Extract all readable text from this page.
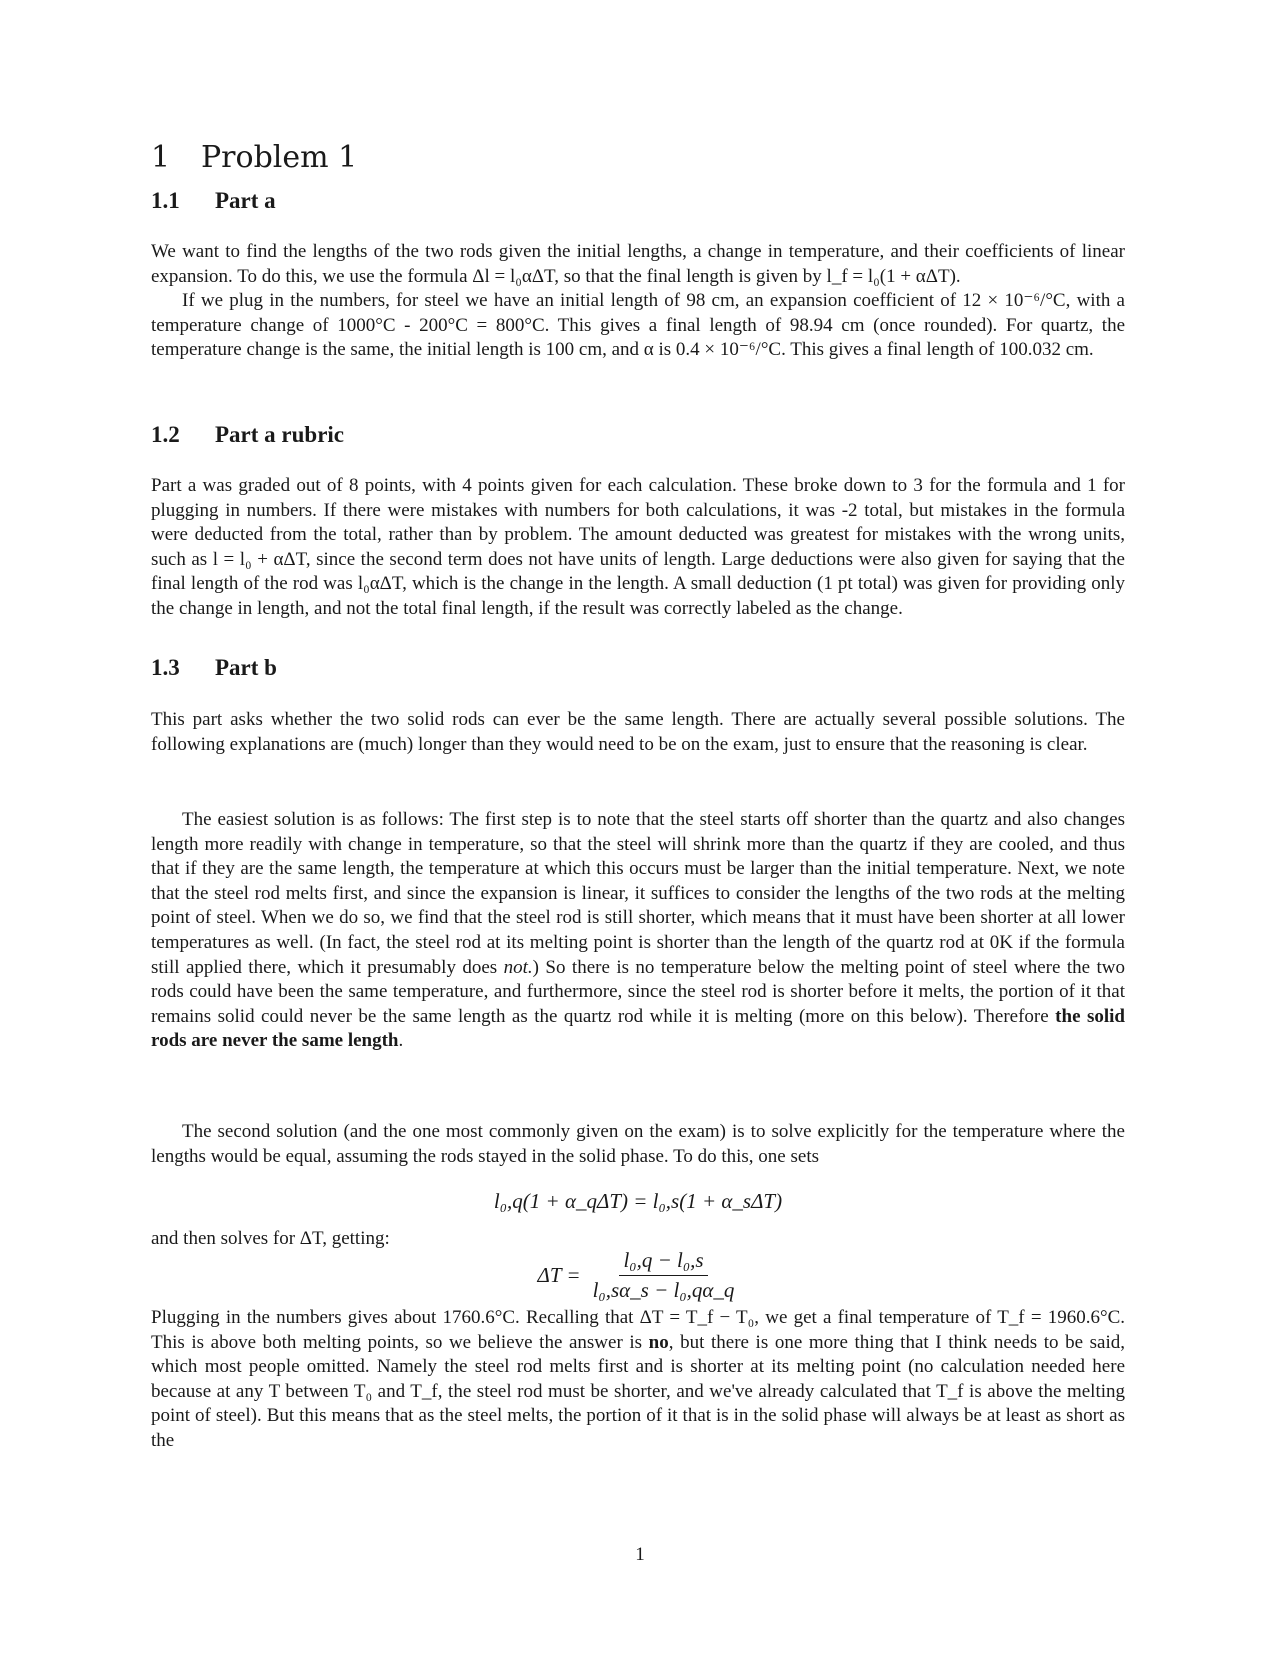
1 Problem 1
1.1 Part a

We want to find the lengths of the two rods given the initial lengths, a change in temperature, and their coefficients of linear expansion. To do this, we use the formula Δl = l₀αΔT, so that the final length is given by l_f = l₀(1 + αΔT).

If we plug in the numbers, for steel we have an initial length of 98 cm, an expansion coefficient of 12 × 10⁻⁶/°C, with a temperature change of 1000°C - 200°C = 800°C. This gives a final length of 98.94 cm (once rounded). For quartz, the temperature change is the same, the initial length is 100 cm, and α is 0.4 × 10⁻⁶/°C. This gives a final length of 100.032 cm.

1.2 Part a rubric

Part a was graded out of 8 points, with 4 points given for each calculation. These broke down to 3 for the formula and 1 for plugging in numbers. If there were mistakes with numbers for both calculations, it was -2 total, but mistakes in the formula were deducted from the total, rather than by problem. The amount deducted was greatest for mistakes with the wrong units, such as l = l₀ + αΔT, since the second term does not have units of length. Large deductions were also given for saying that the final length of the rod was l₀αΔT, which is the change in the length. A small deduction (1 pt total) was given for providing only the change in length, and not the total final length, if the result was correctly labeled as the change.

1.3 Part b

This part asks whether the two solid rods can ever be the same length. There are actually several possible solutions. The following explanations are (much) longer than they would need to be on the exam, just to ensure that the reasoning is clear.

The easiest solution is as follows: The first step is to note that the steel starts off shorter than the quartz and also changes length more readily with change in temperature, so that the steel will shrink more than the quartz if they are cooled, and thus that if they are the same length, the temperature at which this occurs must be larger than the initial temperature. Next, we note that the steel rod melts first, and since the expansion is linear, it suffices to consider the lengths of the two rods at the melting point of steel. When we do so, we find that the steel rod is still shorter, which means that it must have been shorter at all lower temperatures as well. (In fact, the steel rod at its melting point is shorter than the length of the quartz rod at 0K if the formula still applied there, which it presumably does not.) So there is no temperature below the melting point of steel where the two rods could have been the same temperature, and furthermore, since the steel rod is shorter before it melts, the portion of it that remains solid could never be the same length as the quartz rod while it is melting (more on this below). Therefore the solid rods are never the same length.

The second solution (and the one most commonly given on the exam) is to solve explicitly for the temperature where the lengths would be equal, assuming the rods stayed in the solid phase. To do this, one sets

l₀,q(1 + α_qΔT) = l₀,s(1 + α_sΔT)

and then solves for ΔT, getting:

$\Delta T = \frac{\text{l₀,q − l₀,s}}{\text{l₀,sα\_s − l₀,qα\_q}}$

Plugging in the numbers gives about 1760.6°C. Recalling that ΔT = T_f − T₀, we get a final temperature of T_f = 1960.6°C. This is above both melting points, so we believe the answer is no, but there is one more thing that I think needs to be said, which most people omitted. Namely the steel rod melts first and is shorter at its melting point (no calculation needed here because at any T between T₀ and T_f, the steel rod must be shorter, and we've already calculated that T_f is above the melting point of steel). But this means that as the steel melts, the portion of it that is in the solid phase will always be at least as short as the

1
